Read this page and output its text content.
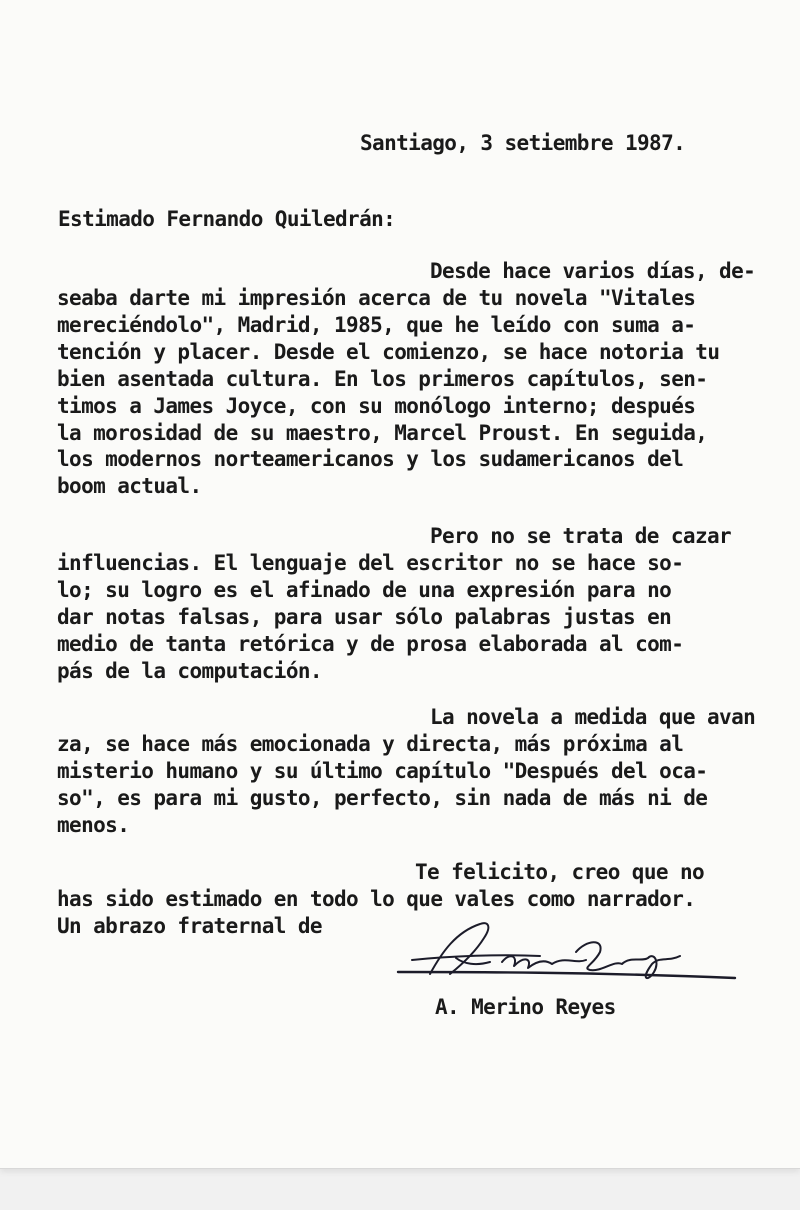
Santiago, 3 setiembre 1987.
Estimado Fernando Quiledrán:
Desde hace varios días, de-
seaba darte mi impresión acerca de tu novela "Vitales
mereciéndolo", Madrid, 1985, que he leído con suma a-
tención y placer. Desde el comienzo, se hace notoria tu
bien asentada cultura. En los primeros capítulos, sen-
timos a James Joyce, con su monólogo interno; después
la morosidad de su maestro, Marcel Proust. En seguida,
los modernos norteamericanos y los sudamericanos del
boom actual.
Pero no se trata de cazar
influencias. El lenguaje del escritor no se hace so-
lo; su logro es el afinado de una expresión para no
dar notas falsas, para usar sólo palabras justas en
medio de tanta retórica y de prosa elaborada al com-
pás de la computación.
La novela a medida que avan
za, se hace más emocionada y directa, más próxima al
misterio humano y su último capítulo "Después del oca-
so", es para mi gusto, perfecto, sin nada de más ni de
menos.
Te felicito, creo que no
has sido estimado en todo lo que vales como narrador.
Un abrazo fraternal de
A. Merino Reyes
